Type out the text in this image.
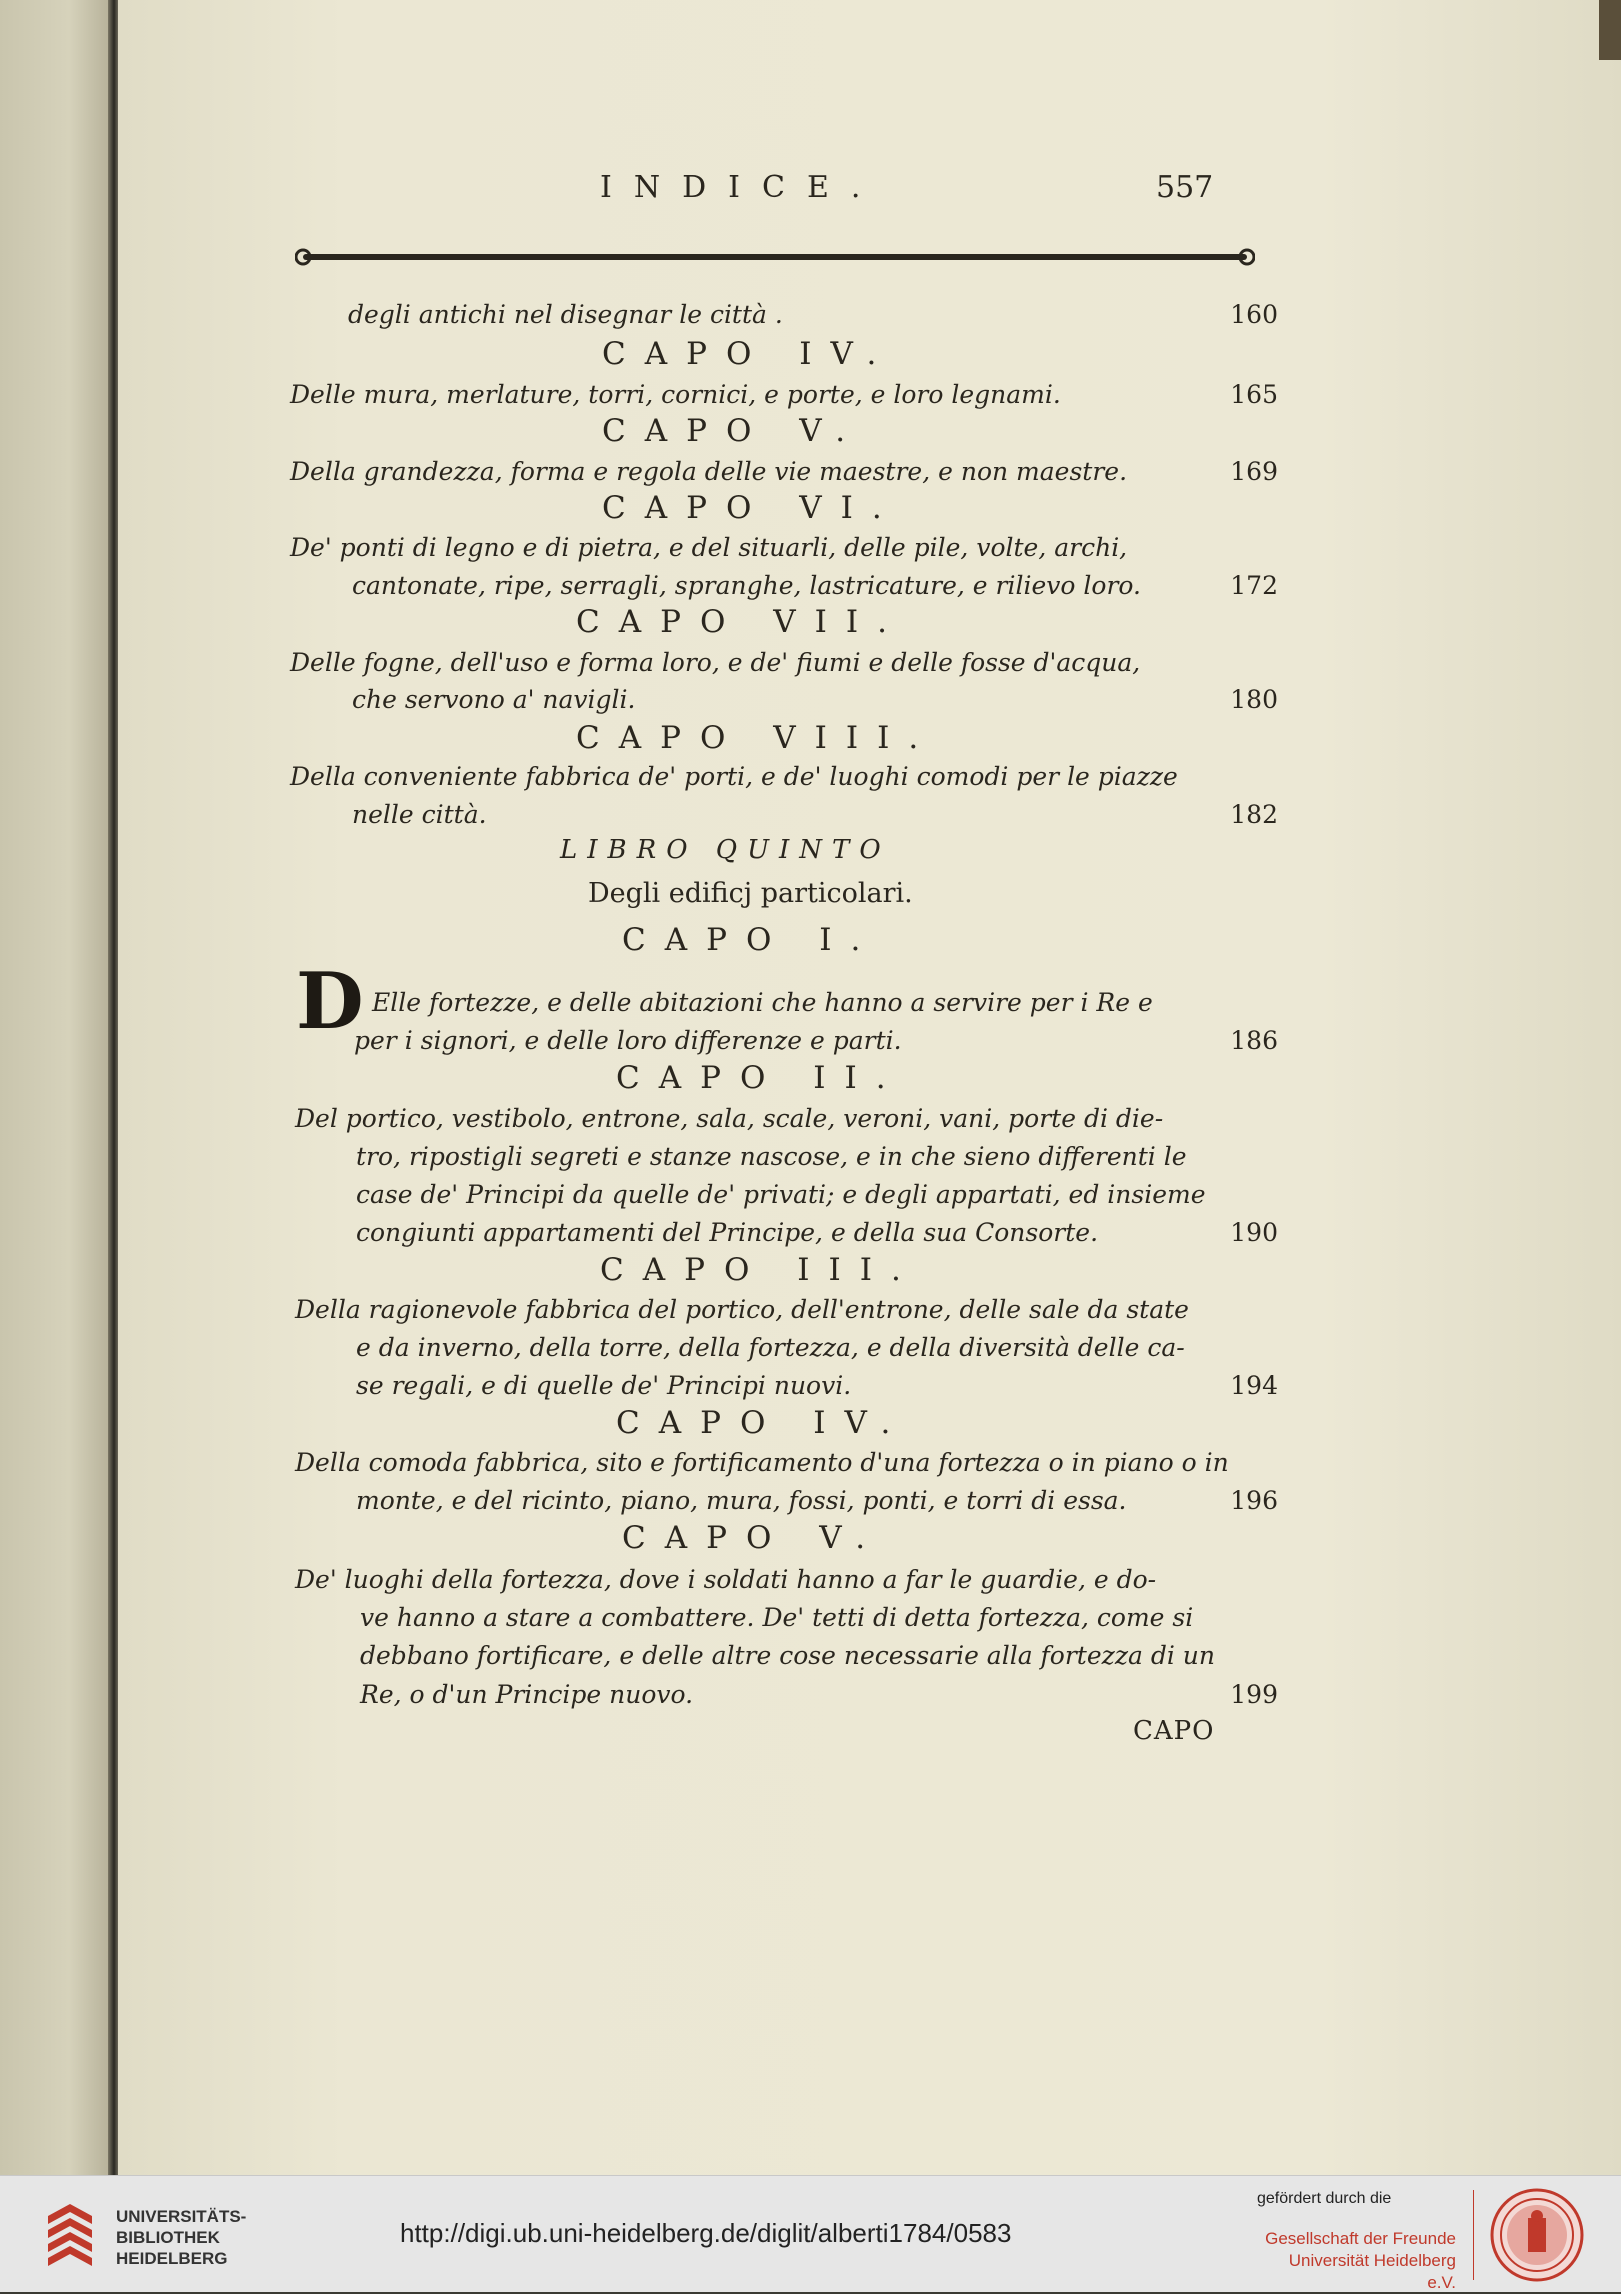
INDICE.	557
degli antichi nel disegnar le città .	160
CAPO IV.
Delle mura, merlature, torri, cornici, e porte, e loro legnami.	165
CAPO V.
Della grandezza, forma e regola delle vie maestre, e non maestre.	169
CAPO VI.
De' ponti di legno e di pietra, e del situarli, delle pile, volte, archi,
cantonate, ripe, serragli, spranghe, lastricature, e rilievo loro.	172
CAPO VII.
Delle fogne, dell'uso e forma loro, e de' fiumi e delle fosse d'acqua,
che servono a' navigli.	180
CAPO VIII.
Della conveniente fabbrica de' porti, e de' luoghi comodi per le piazze
nelle città.	182
LIBRO QUINTO
Degli edificj particolari.
CAPO I.
D Elle fortezze, e delle abitazioni che hanno a servire per i Re e
per i signori, e delle loro differenze e parti.	186
CAPO II.
Del portico, vestibolo, entrone, sala, scale, veroni, vani, porte di die-
tro, ripostigli segreti e stanze nascose, e in che sieno differenti le
case de' Principi da quelle de' privati; e degli appartati, ed insieme
congiunti appartamenti del Principe, e della sua Consorte.	190
CAPO III.
Della ragionevole fabbrica del portico, dell'entrone, delle sale da state
e da inverno, della torre, della fortezza, e della diversità delle ca-
se regali, e di quelle de' Principi nuovi.	194
CAPO IV.
Della comoda fabbrica, sito e fortificamento d'una fortezza o in piano o in
monte, e del ricinto, piano, mura, fossi, ponti, e torri di essa.	196
CAPO V.
De' luoghi della fortezza, dove i soldati hanno a far le guardie, e do-
ve hanno a stare a combattere. De' tetti di detta fortezza, come si
debbano fortificare, e delle altre cose necessarie alla fortezza di un
Re, o d'un Principe nuovo.	199
CAPO
UNIVERSITÄTS-
BIBLIOTHEK
HEIDELBERG
http://digi.ub.uni-heidelberg.de/diglit/alberti1784/0583
gefördert durch die
Gesellschaft der Freunde
Universität Heidelberg e.V.
